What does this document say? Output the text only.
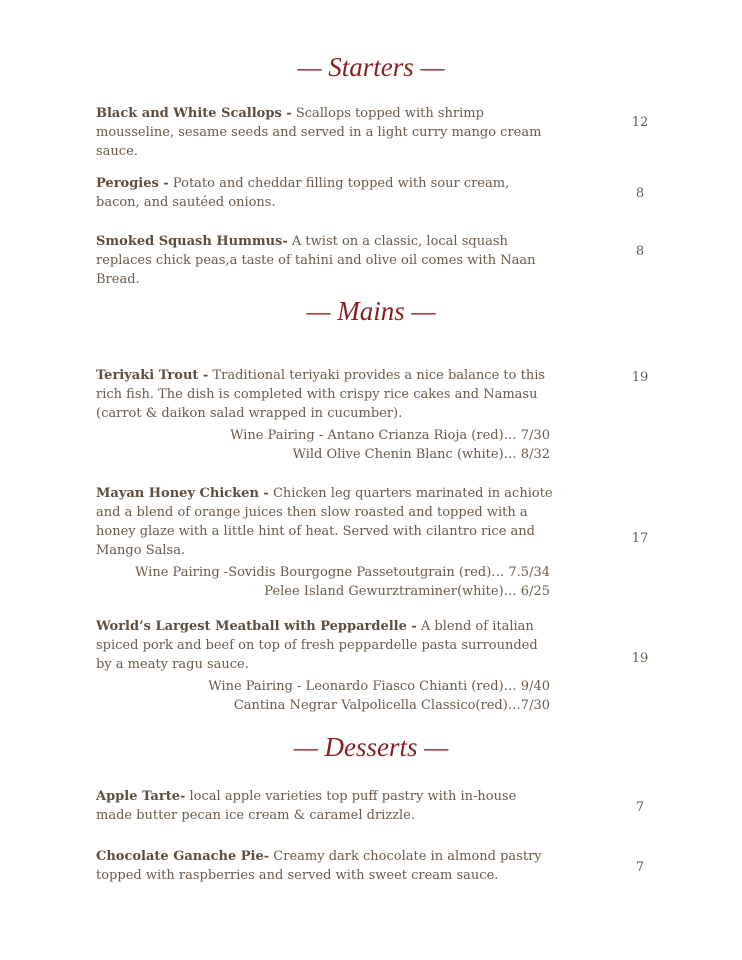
— Starters —
Black and White Scallops - Scallops topped with shrimp mousseline, sesame seeds and served in a light curry mango cream sauce.
12
Perogies - Potato and cheddar filling topped with sour cream, bacon, and sautéed onions.
8
Smoked Squash Hummus- A twist on a classic, local squash replaces chick peas,a taste of tahini and olive oil comes with Naan Bread.
8
— Mains —
Teriyaki Trout - Traditional teriyaki provides a nice balance to this rich fish. The dish is completed with crispy rice cakes and Namasu (carrot & daikon salad wrapped in cucumber).
Wine Pairing - Antano Crianza Rioja (red)… 7/30
Wild Olive Chenin Blanc (white)… 8/32
19
Mayan Honey Chicken - Chicken leg quarters marinated in achiote and a blend of orange juices then slow roasted and topped with a honey glaze with a little hint of heat. Served with cilantro rice and Mango Salsa.
Wine Pairing -Sovidis Bourgogne Passetoutgrain (red)… 7.5/34
Pelee Island Gewurztraminer(white)… 6/25
17
World’s Largest Meatball with Peppardelle - A blend of italian spiced pork and beef on top of fresh peppardelle pasta surrounded by a meaty ragu sauce.
Wine Pairing - Leonardo Fiasco Chianti (red)… 9/40
Cantina Negrar Valpolicella Classico(red)…7/30
19
— Desserts —
Apple Tarte- local apple varieties top puff pastry with in-house made butter pecan ice cream & caramel drizzle.
7
Chocolate Ganache Pie- Creamy dark chocolate in almond pastry topped with raspberries and served with sweet cream sauce.
7
